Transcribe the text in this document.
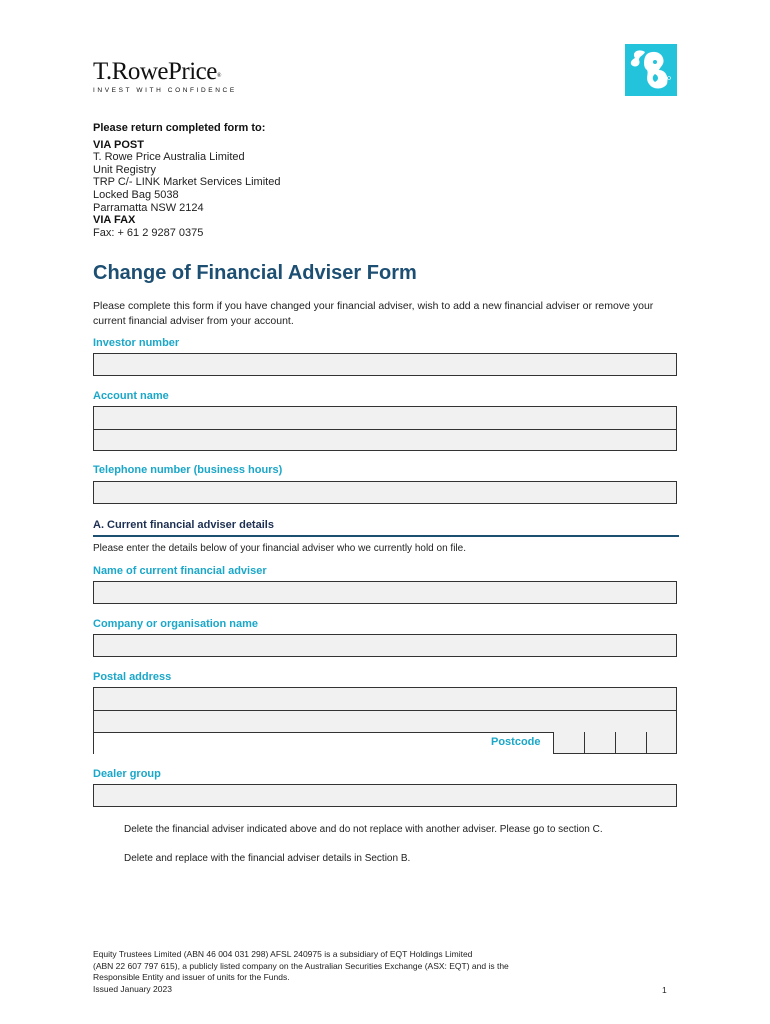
T.RowePrice®
INVEST WITH CONFIDENCE
Please return completed form to:
VIA POST
T. Rowe Price Australia Limited
Unit Registry
TRP C/- LINK Market Services Limited
Locked Bag 5038
Parramatta NSW 2124
VIA FAX
Fax: + 61 2 9287 0375
Change of Financial Adviser Form
Please complete this form if you have changed your financial adviser, wish to add a new financial adviser or remove your current financial adviser from your account.
Investor number
Account name
Telephone number (business hours)
A. Current financial adviser details
Please enter the details below of your financial adviser who we currently hold on file.
Name of current financial adviser
Company or organisation name
Postal address
Postcode
Dealer group
Delete the financial adviser indicated above and do not replace with another adviser. Please go to section C.
Delete and replace with the financial adviser details in Section B.
Equity Trustees Limited (ABN 46 004 031 298) AFSL 240975 is a subsidiary of EQT Holdings Limited
(ABN 22 607 797 615), a publicly listed company on the Australian Securities Exchange (ASX: EQT) and is the
Responsible Entity and issuer of units for the Funds.
Issued January 2023	1
